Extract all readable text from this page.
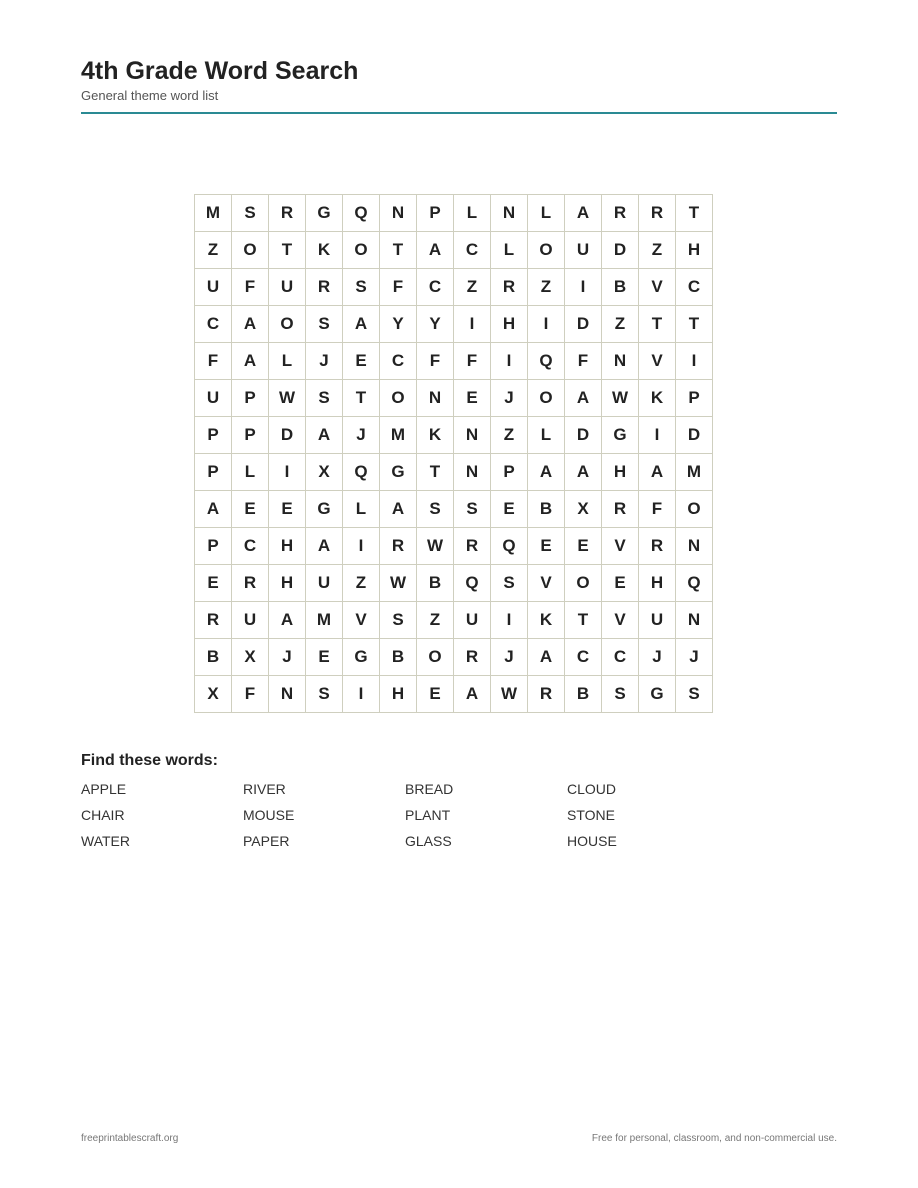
4th Grade Word Search
General theme word list
M	S	R	G	Q	N	P	L	N	L	A	R	R	T
Z	O	T	K	O	T	A	C	L	O	U	D	Z	H
U	F	U	R	S	F	C	Z	R	Z	I	B	V	C
C	A	O	S	A	Y	Y	I	H	I	D	Z	T	T
F	A	L	J	E	C	F	F	I	Q	F	N	V	I
U	P	W	S	T	O	N	E	J	O	A	W	K	P
P	P	D	A	J	M	K	N	Z	L	D	G	I	D
P	L	I	X	Q	G	T	N	P	A	A	H	A	M
A	E	E	G	L	A	S	S	E	B	X	R	F	O
P	C	H	A	I	R	W	R	Q	E	E	V	R	N
E	R	H	U	Z	W	B	Q	S	V	O	E	H	Q
R	U	A	M	V	S	Z	U	I	K	T	V	U	N
B	X	J	E	G	B	O	R	J	A	C	C	J	J
X	F	N	S	I	H	E	A	W	R	B	S	G	S
Find these words:
APPLE	RIVER	BREAD	CLOUD
CHAIR	MOUSE	PLANT	STONE
WATER	PAPER	GLASS	HOUSE
freeprintablescraft.org	Free for personal, classroom, and non-commercial use.
